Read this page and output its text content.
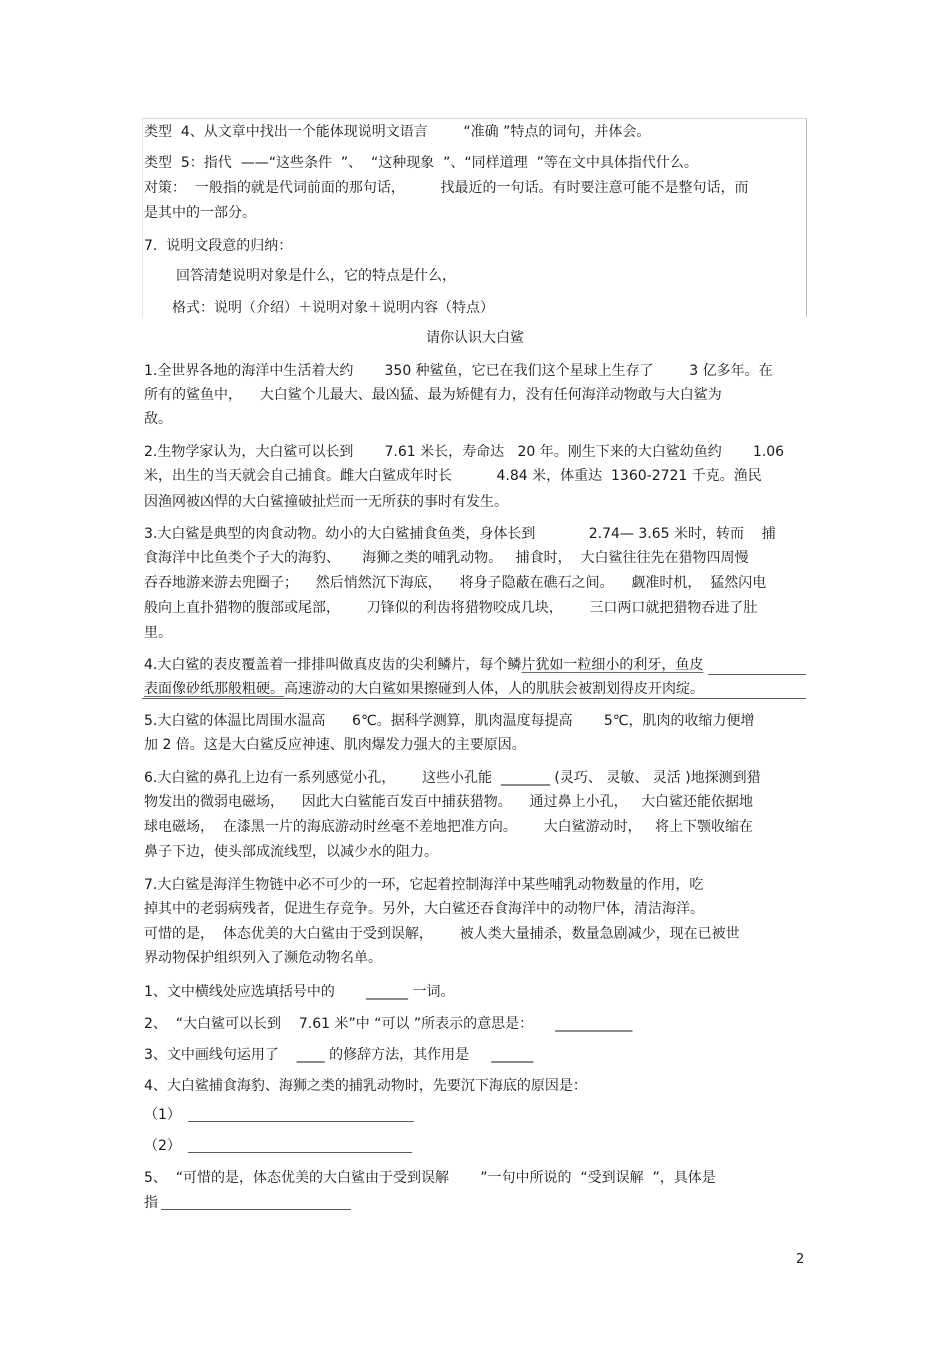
类型  4、从文章中找出一个能体现说明文语言        “准确 ”特点的词句，并体会。
类型  5：指代  ——“这些条件  ”、  “这种现象  ”、“同样道理  ”等在文中具体指代什么。
对策：  一般指的就是代词前面的那句话，        找最近的一句话。有时要注意可能不是整句话，而
是其中的一部分。
7.  说明文段意的归纳：
回答清楚说明对象是什么，它的特点是什么，
格式：说明（介绍）＋说明对象＋说明内容（特点）
请你认识大白鲨
1.全世界各地的海洋中生活着大约       350 种鲨鱼，它已在我们这个星球上生存了        3 亿多年。在
所有的鲨鱼中，    大白鲨个儿最大、最凶猛、最为矫健有力，没有任何海洋动物敢与大白鲨为
敌。
2.生物学家认为，大白鲨可以长到       7.61 米长，寿命达   20 年。刚生下来的大白鲨幼鱼约       1.06
米，出生的当天就会自己捕食。雌大白鲨成年时长          4.84 米，体重达  1360-2721 千克。渔民
因渔网被凶悍的大白鲨撞破扯烂而一无所获的事时有发生。
3.大白鲨是典型的肉食动物。幼小的大白鲨捕食鱼类，身体长到            2.74— 3.65 米时，转而    捕
食海洋中比鱼类个子大的海豹、     海狮之类的哺乳动物。   捕食时，  大白鲨往往先在猎物四周慢
吞吞地游来游去兜圈子；    然后悄然沉下海底，    将身子隐蔽在礁石之间。    觑准时机，  猛然闪电
般向上直扑猎物的腹部或尾部，      刀锋似的利齿将猎物咬成几块，      三口两口就把猎物吞进了肚
里。
4.大白鲨的表皮覆盖着一排排叫做真皮齿的尖利鳞片，每个鳞片犹如一粒细小的利牙，鱼皮
表面像砂纸那般粗硬。高速游动的大白鲨如果擦碰到人体，人的肌肤会被割划得皮开肉绽。
5.大白鲨的体温比周围水温高      6℃。据科学测算，肌肉温度每提高       5℃，肌肉的收缩力便增
加 2 倍。这是大白鲨反应神速、肌肉爆发力强大的主要原因。
6.大白鲨的鼻孔上边有一系列感觉小孔，      这些小孔能  _______ (灵巧、 灵敏、 灵活 )地探测到猎
物发出的微弱电磁场，    因此大白鲨能百发百中捕获猎物。    通过鼻上小孔，   大白鲨还能依据地
球电磁场，  在漆黑一片的海底游动时丝毫不差地把准方向。      大白鲨游动时，   将上下颚收缩在
鼻子下边，使头部成流线型，以减少水的阻力。
7.大白鲨是海洋生物链中必不可少的一环，它起着控制海洋中某些哺乳动物数量的作用，吃
掉其中的老弱病残者，促进生存竞争。另外，大白鲨还吞食海洋中的动物尸体，清洁海洋。
可惜的是，  体态优美的大白鲨由于受到误解，      被人类大量捕杀，数量急剧减少，现在已被世
界动物保护组织列入了濒危动物名单。
1、文中横线处应选填括号中的       ______ 一词。
2、  “大白鲨可以长到    7.61 米”中 “可以 ”所表示的意思是：     ___________
3、文中画线句运用了    ____ 的修辞方法，其作用是     ______
4、大白鲨捕食海豹、海狮之类的捕乳动物时，先要沉下海底的原因是：
（1）
（2）
5、  “可惜的是，体态优美的大白鲨由于受到误解       ”一句中所说的  “受到误解  ”，具体是
指
2
